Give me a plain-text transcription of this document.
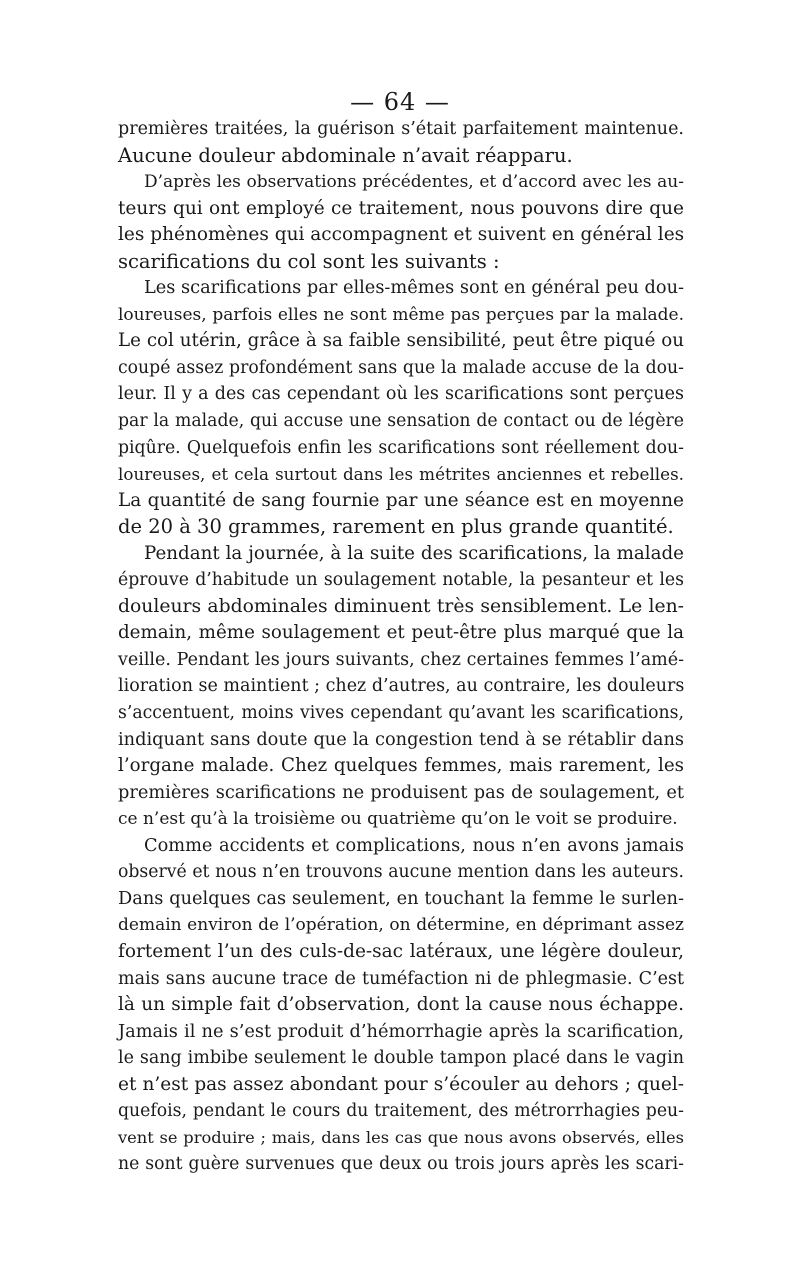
— 64 —
premières traitées, la guérison s’était parfaitement maintenue.
Aucune douleur abdominale n’avait réapparu.
D’après les observations précédentes, et d’accord avec les au-
teurs qui ont employé ce traitement, nous pouvons dire que
les phénomènes qui accompagnent et suivent en général les
scarifications du col sont les suivants :
Les scarifications par elles-mêmes sont en général peu dou-
loureuses, parfois elles ne sont même pas perçues par la malade.
Le col utérin, grâce à sa faible sensibilité, peut être piqué ou
coupé assez profondément sans que la malade accuse de la dou-
leur. Il y a des cas cependant où les scarifications sont perçues
par la malade, qui accuse une sensation de contact ou de légère
piqûre. Quelquefois enfin les scarifications sont réellement dou-
loureuses, et cela surtout dans les métrites anciennes et rebelles.
La quantité de sang fournie par une séance est en moyenne
de 20 à 30 grammes, rarement en plus grande quantité.
Pendant la journée, à la suite des scarifications, la malade
éprouve d’habitude un soulagement notable, la pesanteur et les
douleurs abdominales diminuent très sensiblement. Le len-
demain, même soulagement et peut-être plus marqué que la
veille. Pendant les jours suivants, chez certaines femmes l’amé-
lioration se maintient ; chez d’autres, au contraire, les douleurs
s’accentuent, moins vives cependant qu’avant les scarifications,
indiquant sans doute que la congestion tend à se rétablir dans
l’organe malade. Chez quelques femmes, mais rarement, les
premières scarifications ne produisent pas de soulagement, et
ce n’est qu’à la troisième ou quatrième qu’on le voit se produire.
Comme accidents et complications, nous n’en avons jamais
observé et nous n’en trouvons aucune mention dans les auteurs.
Dans quelques cas seulement, en touchant la femme le surlen-
demain environ de l’opération, on détermine, en déprimant assez
fortement l’un des culs-de-sac latéraux, une légère douleur,
mais sans aucune trace de tuméfaction ni de phlegmasie. C’est
là un simple fait d’observation, dont la cause nous échappe.
Jamais il ne s’est produit d’hémorrhagie après la scarification,
le sang imbibe seulement le double tampon placé dans le vagin
et n’est pas assez abondant pour s’écouler au dehors ; quel-
quefois, pendant le cours du traitement, des métrorrhagies peu-
vent se produire ; mais, dans les cas que nous avons observés, elles
ne sont guère survenues que deux ou trois jours après les scari-
